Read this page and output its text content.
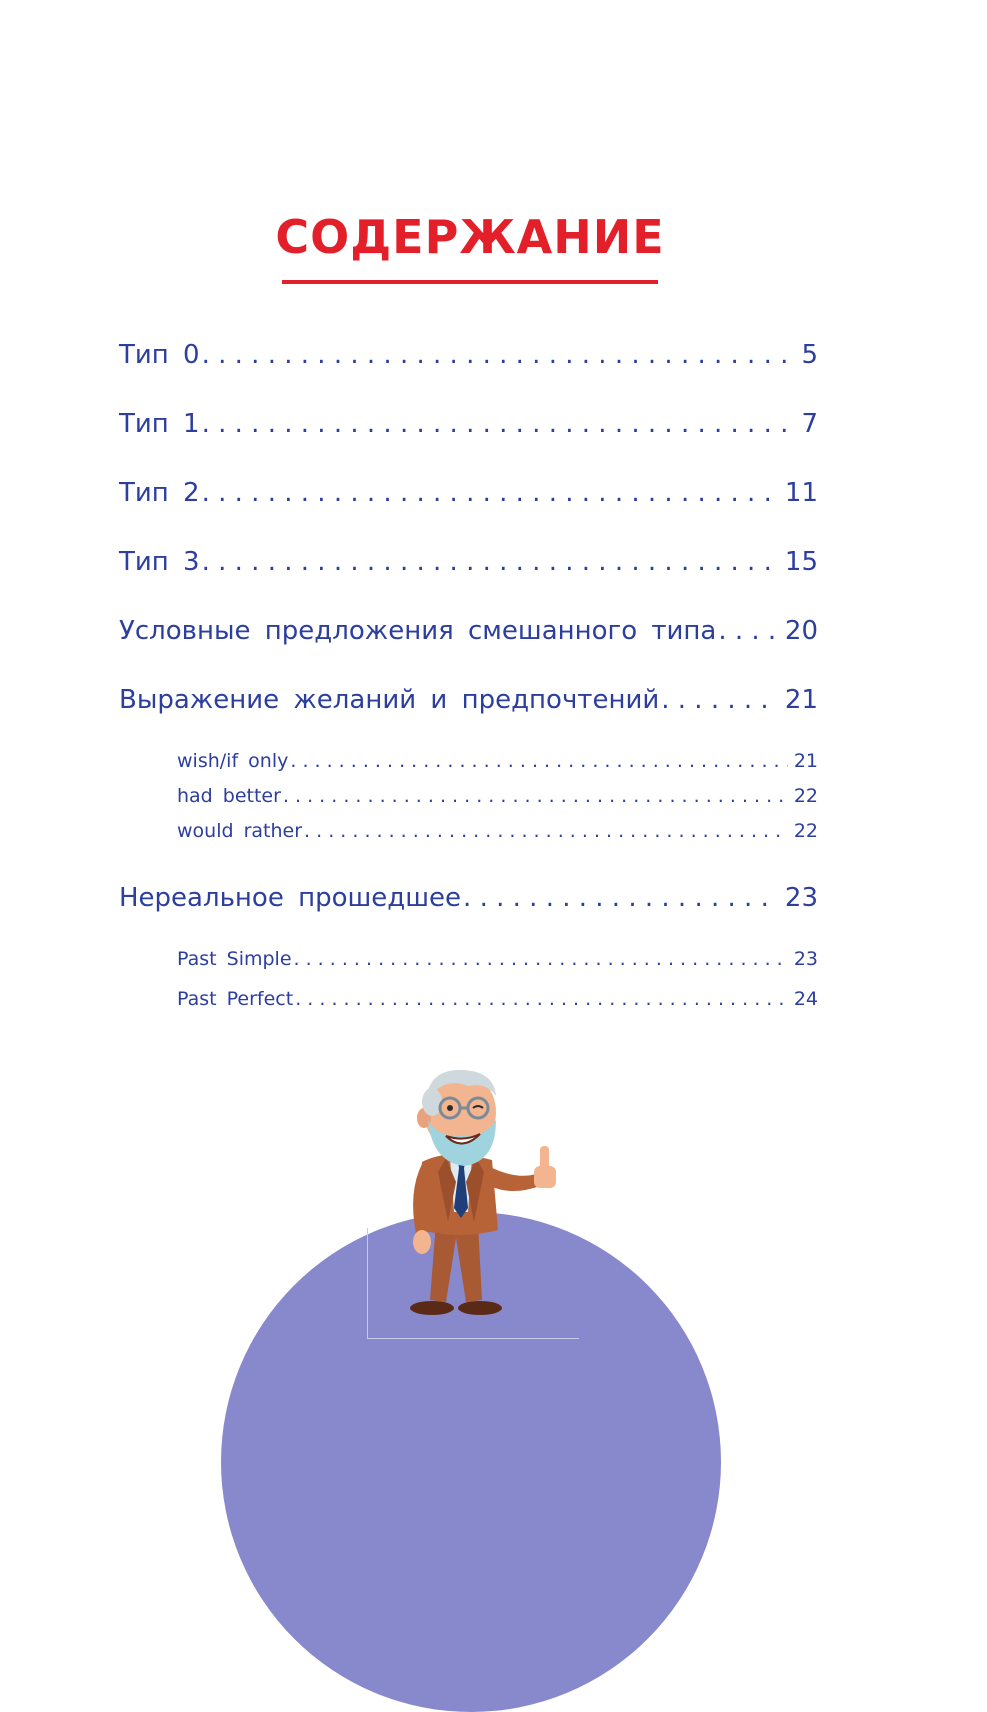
СОДЕРЖАНИЕ
Тип 0 . . .	5
Тип 1 . . .	7
Тип 2 . . .	11
Тип 3 . . .	15
Условные предложения смешанного типа . . .	20
Выражение желаний и предпочтений . . .	21
wish/if only . . .	21
had better . . .	22
would rather . . .	22
Нереальное прошедшее . . .	23
Past Simple . . .	23
Past Perfect . . .	24
